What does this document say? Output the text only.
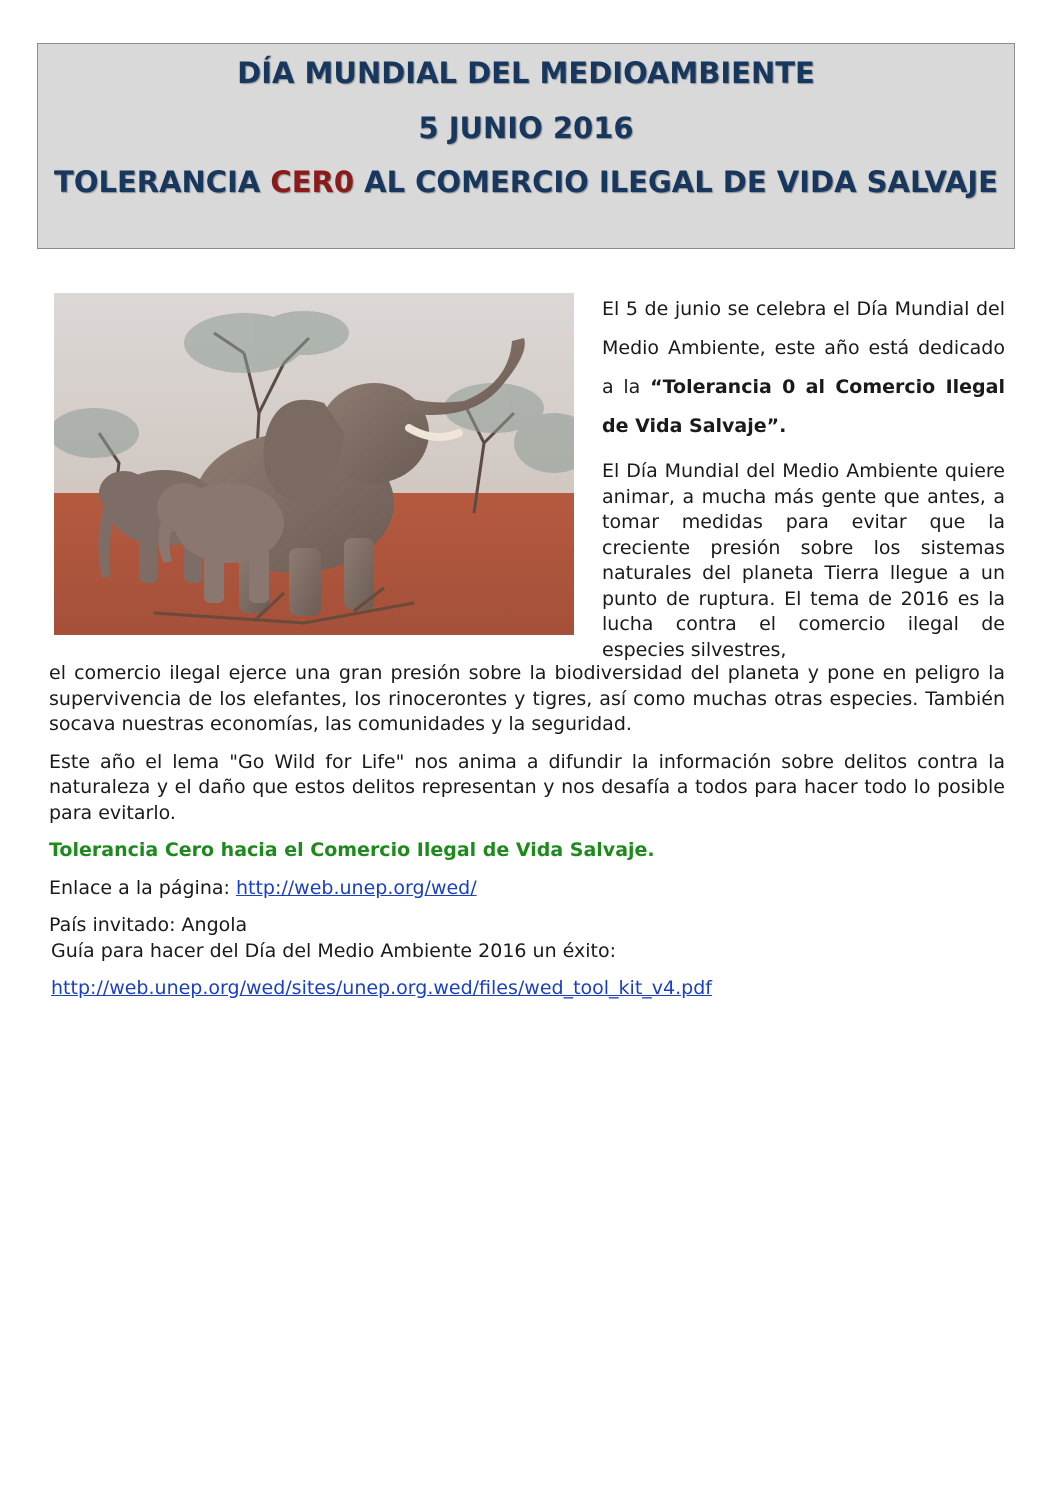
DÍA MUNDIAL DEL MEDIOAMBIENTE
5 JUNIO 2016
TOLERANCIA CER0 AL COMERCIO ILEGAL DE VIDA SALVAJE

El 5 de junio se celebra el Día Mundial del Medio Ambiente, este año está dedicado a la “Tolerancia 0 al Comercio Ilegal de Vida Salvaje”.

El Día Mundial del Medio Ambiente quiere animar, a mucha más gente que antes, a tomar medidas para evitar que la creciente presión sobre los sistemas naturales del planeta Tierra llegue a un punto de ruptura. El tema de 2016 es la lucha contra el comercio ilegal de especies silvestres,

el comercio ilegal ejerce una gran presión sobre la biodiversidad del planeta y pone en peligro la supervivencia de los elefantes, los rinocerontes y tigres, así como muchas otras especies. También socava nuestras economías, las comunidades y la seguridad.

Este año el lema "Go Wild for Life" nos anima a difundir la información sobre delitos contra la naturaleza y el daño que estos delitos representan y nos desafía a todos para hacer todo lo posible para evitarlo.

Tolerancia Cero hacia el Comercio Ilegal de Vida Salvaje.

Enlace a la página: http://web.unep.org/wed/

País invitado: Angola

Guía para hacer del Día del Medio Ambiente 2016 un éxito:

http://web.unep.org/wed/sites/unep.org.wed/files/wed_tool_kit_v4.pdf
